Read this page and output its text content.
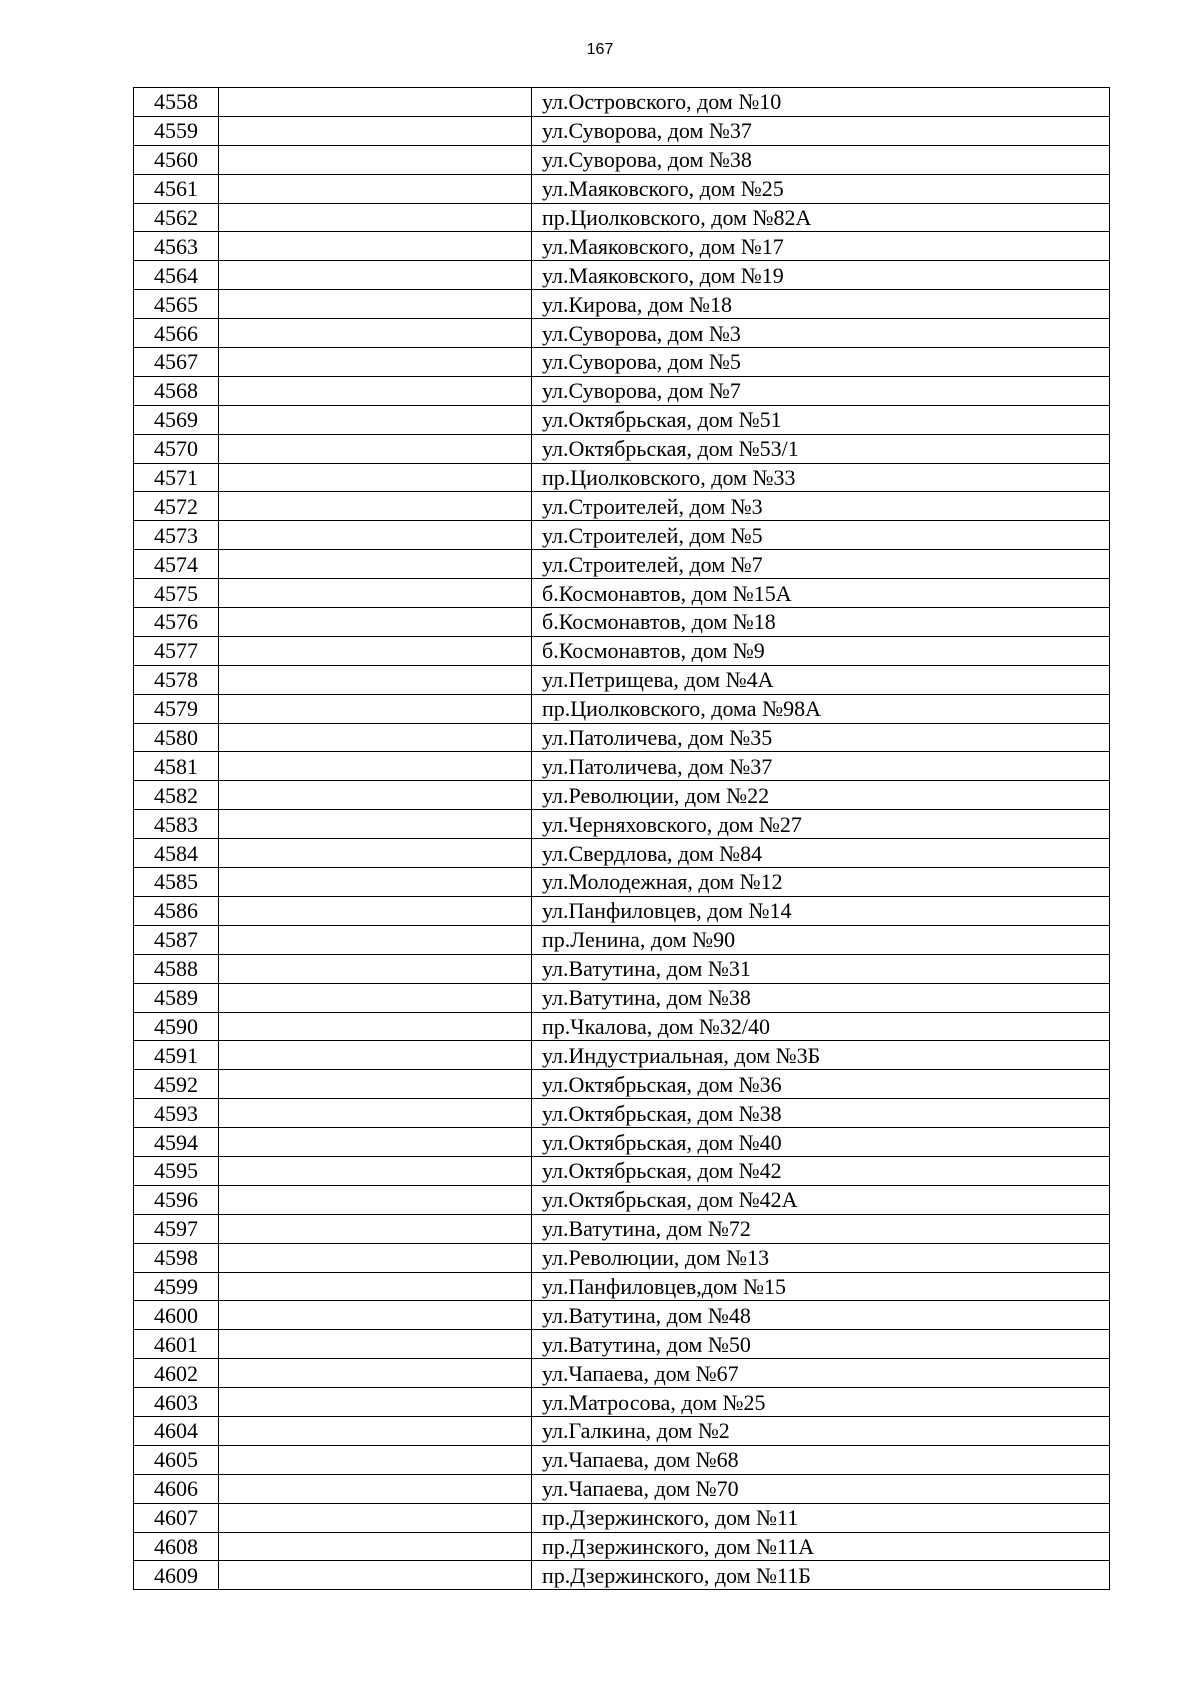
167
4558		ул.Островского, дом №10
4559		ул.Суворова, дом №37
4560		ул.Суворова, дом №38
4561		ул.Маяковского, дом №25
4562		пр.Циолковского, дом №82А
4563		ул.Маяковского, дом №17
4564		ул.Маяковского, дом №19
4565		ул.Кирова, дом №18
4566		ул.Суворова, дом №3
4567		ул.Суворова, дом №5
4568		ул.Суворова, дом №7
4569		ул.Октябрьская, дом №51
4570		ул.Октябрьская, дом №53/1
4571		пр.Циолковского, дом №33
4572		ул.Строителей, дом №3
4573		ул.Строителей, дом №5
4574		ул.Строителей, дом №7
4575		б.Космонавтов, дом №15А
4576		б.Космонавтов, дом №18
4577		б.Космонавтов, дом №9
4578		ул.Петрищева, дом №4А
4579		пр.Циолковского, дома №98А
4580		ул.Патоличева, дом №35
4581		ул.Патоличева, дом №37
4582		ул.Революции, дом №22
4583		ул.Черняховского, дом №27
4584		ул.Свердлова, дом №84
4585		ул.Молодежная, дом №12
4586		ул.Панфиловцев, дом №14
4587		пр.Ленина, дом №90
4588		ул.Ватутина, дом №31
4589		ул.Ватутина, дом №38
4590		пр.Чкалова, дом №32/40
4591		ул.Индустриальная, дом №3Б
4592		ул.Октябрьская, дом №36
4593		ул.Октябрьская, дом №38
4594		ул.Октябрьская, дом №40
4595		ул.Октябрьская, дом №42
4596		ул.Октябрьская, дом №42А
4597		ул.Ватутина, дом №72
4598		ул.Революции, дом №13
4599		ул.Панфиловцев,дом №15
4600		ул.Ватутина, дом №48
4601		ул.Ватутина, дом №50
4602		ул.Чапаева, дом №67
4603		ул.Матросова, дом №25
4604		ул.Галкина, дом №2
4605		ул.Чапаева, дом №68
4606		ул.Чапаева, дом №70
4607		пр.Дзержинского, дом №11
4608		пр.Дзержинского, дом №11А
4609		пр.Дзержинского, дом №11Б
